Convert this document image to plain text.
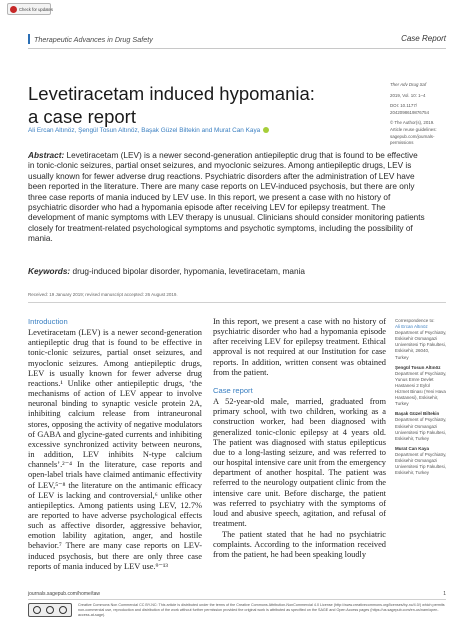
Check for updates
Therapeutic Advances in Drug Safety	Case Report
Levetiracetam induced hypomania: a case report
Ali Ercan Altınöz, Şengül Tosun Altınöz, Başak Güzel Biltekin and Murat Can Kaya
Ther Adv Drug Saf
2019, Vol. 10: 1–4
DOI: 10.1177/
2042098619876754
© The Author(s), 2019.
Article reuse guidelines:
sagepub.com/journals-
permissions
Abstract: Levetiracetam (LEV) is a newer second-generation antiepileptic drug that is found to be effective in tonic-clonic seizures, partial onset seizures, and myoclonic seizures. Among antiepileptic drugs, LEV is usually known for fewer adverse drug reactions. Psychiatric disorders after the administration of LEV have been reported in the literature. There are many case reports on LEV-induced psychosis, but there are only three case reports of mania induced by LEV use. In this report, we present a case with no history of psychiatric disorder who had a hypomania episode after receiving LEV for epilepsy treatment. The development of manic symptoms with LEV therapy is unusual. Clinicians should consider monitoring patients closely for treatment-related psychological symptoms and psychotic symptoms, including the possibility of mania.
Keywords: drug-induced bipolar disorder, hypomania, levetiracetam, mania
Received: 19 January 2019; revised manuscript accepted: 26 August 2019.
Introduction

Levetiracetam (LEV) is a newer second-generation antiepileptic drug that is found to be effective in tonic-clonic seizures, partial onset seizures, and myoclonic seizures. Among antiepileptic drugs, LEV is usually known for fewer adverse drug reactions.¹ Unlike other antiepileptic drugs, ‘the mechanisms of action of LEV appear to involve neuronal binding to synaptic vesicle protein 2A, inhibiting calcium release from intraneuronal stores, opposing the activity of negative modulators of GABA and glycine-gated currents and inhibiting excessive synchronized activity between neurons, in addition, LEV inhibits N-type calcium channels’.²⁻⁴ In the literature, case reports and open-label trials have claimed antimanic effectivity of LEV,⁵⁻⁸ the literature on the antimanic efficacy of LEV is lacking and controversial,⁶ unlike other antiepileptics. Among patients using LEV, 12.7% are reported to have adverse psychological effects such as affective disorder, aggressive behavior, emotion lability agitation, anger, and hostile behavior.⁷ There are many case reports on LEV-induced psychosis, but there are only three case reports of mania induced by LEV use.⁹⁻¹³

In this report, we present a case with no history of psychiatric disorder who had a hypomania episode after receiving LEV for epilepsy treatment. Ethical approval is not required at our Institution for case reports. In addition, written consent was obtained from the patient.

Case report

A 52-year-old male, married, graduated from primary school, with two children, working as a construction worker, had been diagnosed with generalized tonic-clonic epilepsy at 4 years old. The patient was diagnosed with status epilepticus due to a long-lasting seizure, and was referred to our hospital intensive care unit from the emergency department of another hospital. The patient was referred to the neurology outpatient clinic from the intensive care unit. Before discharge, the patient was referred to psychiatry with the symptoms of loud and abusive speech, agitation, and refusal of treatment.

The patient stated that he had no psychiatric complaints. According to the information received from the patient, he had been speaking loudly

Correspondence to:
Ali Ercan Altınöz
Department of Psychiatry,
Eskisehir Osmangazi
Universitesi Tip Fakultesi,
Eskisehir, 26040,
Turkey
Şengül Tosun Altınöz
Department of Psychiatry,
Yunus Emre Devlet
Hastanesi 2 Eylül
Hizmet Binası (Yeni Hava
Hastanesi), Eskisehir,
Turkey
Başak Güzel Biltekin
Department of Psychiatry,
Eskisehir Osmangazi
Universitesi Tip Fakultesi,
Eskisehir, Turkey
Murat Can Kaya
Department of Psychiatry,
Eskisehir Osmangazi
Universitesi Tip Fakultesi,
Eskisehir, Turkey
journals.sagepub.com/home/taw	1
Creative Commons Non Commercial CC BY-NC: This article is distributed under the terms of the Creative Commons Attribution-NonCommercial 4.0 License (http://www.creativecommons.org/licenses/by-nc/4.0/) which permits non-commercial use, reproduction and distribution of the work without further permission provided the original work is attributed as specified on the SAGE and Open Access pages (https://us.sagepub.com/en-us/nam/open-access-at-sage).
